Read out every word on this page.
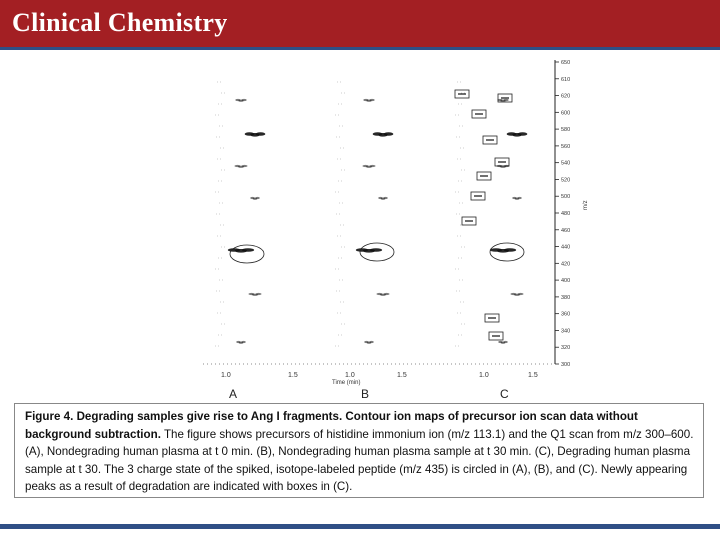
Clinical Chemistry
650
610
620
600
580
560
540
520
500
480
460
440
420
400
380
360
340
320
300
m/z
1.0	1.5	1.0	1.5	1.0	1.5
Time (min)
A	B	C
Figure 4. Degrading samples give rise to Ang I fragments. Contour ion maps of precursor ion scan data without background subtraction. The figure shows precursors of histidine immonium ion (m/z 113.1) and the Q1 scan from m/z 300–600. (A), Nondegrading human plasma at t 0 min. (B), Nondegrading human plasma sample at t 30 min. (C), Degrading human plasma sample at t 30. The 3 charge state of the spiked, isotope-labeled peptide (m/z 435) is circled in (A), (B), and (C). Newly appearing peaks as a result of degradation are indicated with boxes in (C).
